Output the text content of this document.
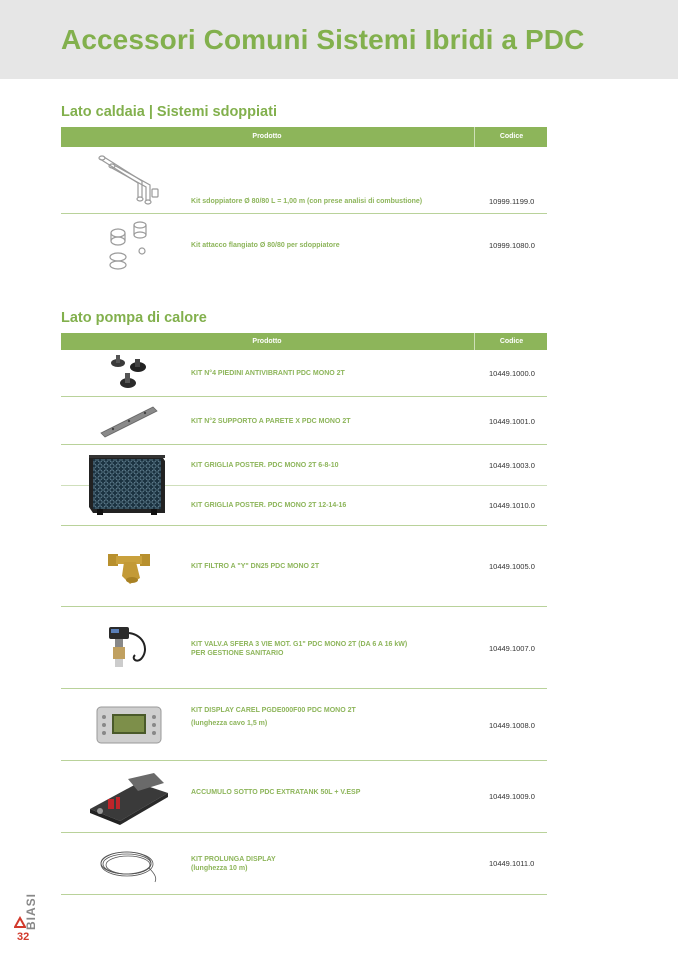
Accessori Comuni Sistemi Ibridi a PDC
Lato caldaia | Sistemi sdoppiati
Prodotto	Codice
Kit sdoppiatore Ø 80/80 L = 1,00 m (con prese analisi di combustione)	10999.1199.0
Kit attacco flangiato Ø 80/80 per sdoppiatore	10999.1080.0
Lato pompa di calore
Prodotto	Codice
KIT N°4 PIEDINI ANTIVIBRANTI PDC MONO 2T	10449.1000.0
KIT N°2 SUPPORTO A PARETE X PDC MONO 2T	10449.1001.0
KIT GRIGLIA POSTER. PDC MONO 2T 6-8-10	10449.1003.0
KIT GRIGLIA POSTER. PDC MONO 2T 12-14-16	10449.1010.0
KIT FILTRO A "Y" DN25 PDC MONO 2T	10449.1005.0
KIT VALV.A SFERA 3 VIE MOT. G1" PDC MONO 2T (DA 6 A 16 kW)
PER GESTIONE SANITARIO
10449.1007.0
KIT DISPLAY CAREL PGDE000F00 PDC MONO 2T
(lunghezza cavo 1,5 m)	10449.1008.0
ACCUMULO SOTTO PDC EXTRATANK 50L + V.ESP	10449.1009.0
KIT PROLUNGA DISPLAY
(lunghezza 10 m)
10449.1011.0
BIASI
32
